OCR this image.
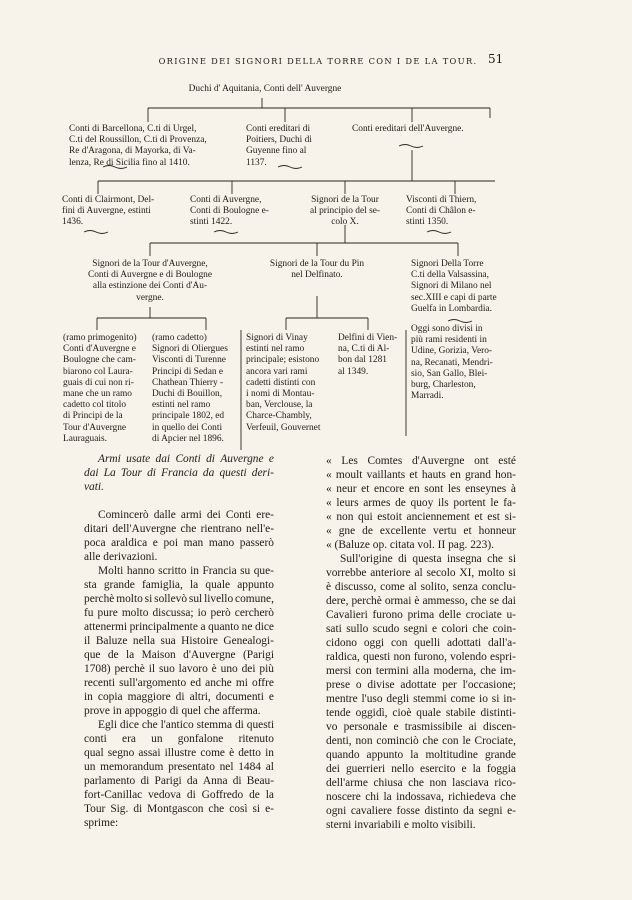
ORIGINE DEI SIGNORI DELLA TORRE CON I DE LA TOUR. 51
Duchi d' Aquitania, Conti dell' Auvergne
Conti di Barcellona, C.ti di Urgel,
C.ti del Roussillon, C.ti di Provenza,
Re d'Aragona, di Mayorka, di Va-
lenza, Re di Sicilia fino al 1410.
Conti ereditari di
Poitiers, Duchi di
Guyenne fino al
1137.
Conti ereditari dell'Auvergne.
Conti di Clairmont, Del-
fini di Auvergne, estinti
1436.
Conti di Auvergne,
Conti di Boulogne e-
stinti 1422.
Signori de la Tour
al principio del se-
colo X.
Visconti di Thiern,
Conti di Châlon e-
stinti 1350.
Signori de la Tour d'Auvergne,
Conti di Auvergne e di Boulogne
alla estinzione dei Conti d'Au-
vergne.
Signori de la Tour du Pin
nel Delfinato.
Signori Della Torre
C.ti della Valsassina,
Signori di Milano nel
sec.XIII e capi di parte
Guelfa in Lombardia.
Oggi sono divisi in
più rami residenti in
Udine, Gorizia, Vero-
na, Recanati, Mendri-
sio, San Gallo, Blei-
burg, Charleston,
Marradi.
(ramo primogenito)
Conti d'Auvergne e
Boulogne che cam-
biarono col Laura-
guais di cui non ri-
mane che un ramo
cadetto col titolo
di Principi de la
Tour d'Auvergne
Lauraguais.
(ramo cadetto)
Signori di Oliergues
Visconti di Turenne
Principi di Sedan e
Chathean Thierry -
Duchi di Bouillon,
estinti nel ramo
principale 1802, ed
in quello dei Conti
di Apcier nel 1896.
Signori di Vinay
estinti nel ramo
principale; esistono
ancora vari rami
cadetti distinti con
i nomi di Montau-
ban, Verclouse, la
Charce-Chambly,
Verfeuil, Gouvernet
Delfini di Vien-
na, C.ti di Al-
bon dal 1281
al 1349.
Armi usate dai Conti di Auvergne e
dai La Tour di Francia da questi deri-
vati.
Comincerò dalle armi dei Conti ere-
ditari dell'Auvergne che rientrano nell'e-
poca araldica e poi man mano passerò
alle derivazioni.
Molti hanno scritto in Francia su que-
sta grande famiglia, la quale appunto
perchè molto si sollevò sul livello comune,
fu pure molto discussa; io però cercherò
attenermi principalmente a quanto ne dice
il Baluze nella sua Histoire Genealogi-
que de la Maison d'Auvergne (Parigi
1708) perchè il suo lavoro è uno dei più
recenti sull'argomento ed anche mi offre
in copia maggiore di altri, documenti e
prove in appoggio di quel che afferma.
Egli dice che l'antico stemma di questi
conti era un gonfalone ritenuto
qual segno assai illustre come è detto in
un memorandum presentato nel 1484 al
parlamento di Parigi da Anna di Beau-
fort-Canillac vedova di Goffredo de la
Tour Sig. di Montgascon che così si e-
sprime:
« Les Comtes d'Auvergne ont esté
« moult vaillants et hauts en grand hon-
« neur et encore en sont les enseynes à
« leurs armes de quoy ils portent le fa-
« non qui estoit anciennement et est si-
« gne de excellente vertu et honneur
« (Baluze op. citata vol. II pag. 223).
Sull'origine di questa insegna che si
vorrebbe anteriore al secolo XI, molto si
è discusso, come al solito, senza conclu-
dere, perchè ormai è ammesso, che se dai
Cavalieri furono prima delle crociate u-
sati sullo scudo segni e colori che coin-
cidono oggi con quelli adottati dall'a-
raldica, questi non furono, volendo espri-
mersi con termini alla moderna, che im-
prese o divise adottate per l'occasione;
mentre l'uso degli stemmi come io si in-
tende oggidì, cioè quale stabile distinti-
vo personale e trasmissibile ai discen-
denti, non cominciò che con le Crociate,
quando appunto la moltitudine grande
dei guerrieri nello esercito e la foggia
dell'arme chiusa che non lasciava rico-
noscere chi la indossava, richiedeva che
ogni cavaliere fosse distinto da segni e-
sterni invariabili e molto visibili.
